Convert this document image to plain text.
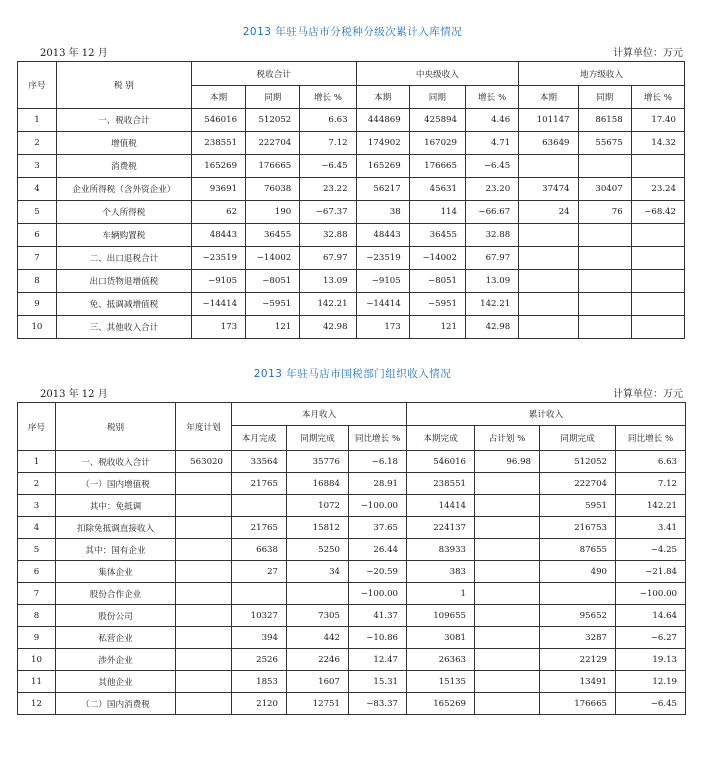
2013 年驻马店市分税种分级次累计入库情况
2013 年 12 月	计算单位：万元
序号	税 别	税收合计			中央级收入			地方级收入		
		本期	同期	增长 %	本期	同期	增长 %	本期	同期	增长 %
1	一、税收合计	546016	512052	6.63	444869	425894	4.46	101147	86158	17.40
2	增值税	238551	222704	7.12	174902	167029	4.71	63649	55675	14.32
3	消费税	165269	176665	−6.45	165269	176665	−6.45			
4	企业所得税（含外资企业）	93691	76038	23.22	56217	45631	23.20	37474	30407	23.24
5	个人所得税	62	190	−67.37	38	114	−66.67	24	76	−68.42
6	车辆购置税	48443	36455	32.88	48443	36455	32.88			
7	二、出口退税合计	−23519	−14002	67.97	−23519	−14002	67.97			
8	出口货物退增值税	−9105	−8051	13.09	−9105	−8051	13.09			
9	免、抵调减增值税	−14414	−5951	142.21	−14414	−5951	142.21			
10	三、其他收入合计	173	121	42.98	173	121	42.98			
2013 年驻马店市国税部门组织收入情况
2013 年 12 月	计算单位：万元
序号	税别	年度计划	本月收入			累计收入			
			本月完成	同期完成	同比增长 %	本期完成	占计划 %	同期完成	同比增长 %
1	一、税收收入合计	563020	33564	35776	−6.18	546016	96.98	512052	6.63
2	（一）国内增值税		21765	16884	28.91	238551		222704	7.12
3	其中：免抵调			1072	−100.00	14414		5951	142.21
4	扣除免抵调直接收入		21765	15812	37.65	224137		216753	3.41
5	其中：国有企业		6638	5250	26.44	83933		87655	−4.25
6	集体企业		27	34	−20.59	383		490	−21.84
7	股份合作企业				−100.00	1			−100.00
8	股份公司		10327	7305	41.37	109655		95652	14.64
9	私营企业		394	442	−10.86	3081		3287	−6.27
10	涉外企业		2526	2246	12.47	26363		22129	19.13
11	其他企业		1853	1607	15.31	15135		13491	12.19
12	（二）国内消费税		2120	12751	−83.37	165269		176665	−6.45
